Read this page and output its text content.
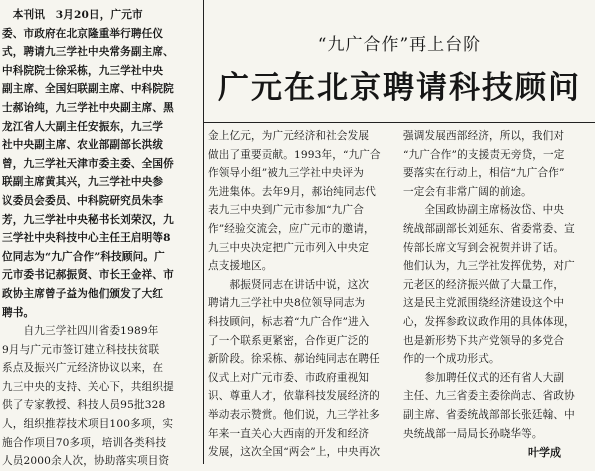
“九广合作”再上台阶
广元在北京聘请科技顾问

　本刊讯　3月20日，广元市

委、市政府在北京隆重举行聘任仪

式，聘请九三学社中央常务副主席、

中科院院士徐采栋，九三学社中央

副主席、全国妇联副主席、中科院院

士郝诒纯，九三学社中央副主席、黑

龙江省人大副主任安振东，九三学

社中央副主席、农业部副部长洪绂

曾，九三学社天津市委主委、全国侨

联副主席黄其兴，九三学社中央参

议委员会委员、中科院研究员朱李

芳，九三学社中央秘书长刘荣汉，九

三学社中央科技中心主任王启明等8

位同志为“九广合作”科技顾问。广

元市委书记郝振贤、市长王金祥、市

政协主席曾子益为他们颁发了大红

聘书。

　　自九三学社四川省委1989年

9月与广元市签订建立科技扶贫联

系点及振兴广元经济协议以来，在

九三中央的支持、关心下，共组织提

供了专家教授、科技人员95批328

人，组织推荐技术项目100多项，实

施合作项目70多项，培训各类科技

人员2000余人次，协助落实项目资

金上亿元，为广元经济和社会发展

做出了重要贡献。1993年，“九广合

作领导小组”被九三学社中央评为

先进集体。去年9月，郝诒纯同志代

表九三中央到广元市参加“九广合

作”经验交流会，应广元市的邀请，

九三中央决定把广元市列入中央定

点支援地区。

　　郝振贤同志在讲话中说，这次

聘请九三学社中央8位领导同志为

科技顾问，标志着“九广合作”进入

了一个联系更紧密，合作更广泛的

新阶段。徐采栋、郝诒纯同志在聘任

仪式上对广元市委、市政府重视知

识、尊重人才，依靠科技发展经济的

举动表示赞赏。他们说，九三学社多

年来一直关心大西南的开发和经济

发展，这次全国“两会”上，中央再次

强调发展西部经济，所以，我们对

“九广合作”的支援责无旁贷，一定

要落实在行动上，相信“九广合作”

一定会有非常广阔的前途。

　　全国政协副主席杨汝岱、中央

统战部副部长刘延东、省委常委、宣

传部长席文写到会祝贺并讲了话。

他们认为，九三学社发挥优势，对广

元老区的经济振兴做了大量工作，

这是民主党派围绕经济建设这个中

心，发挥参政议政作用的具体体现，

也是新形势下共产党领导的多党合

作的一个成功形式。

　　参加聘任仪式的还有省人大副

主任、九三省委主委徐尚志、省政协

副主席、省委统战部部长张廷翰、中

央统战部一局局长孙晓华等。

叶学成
